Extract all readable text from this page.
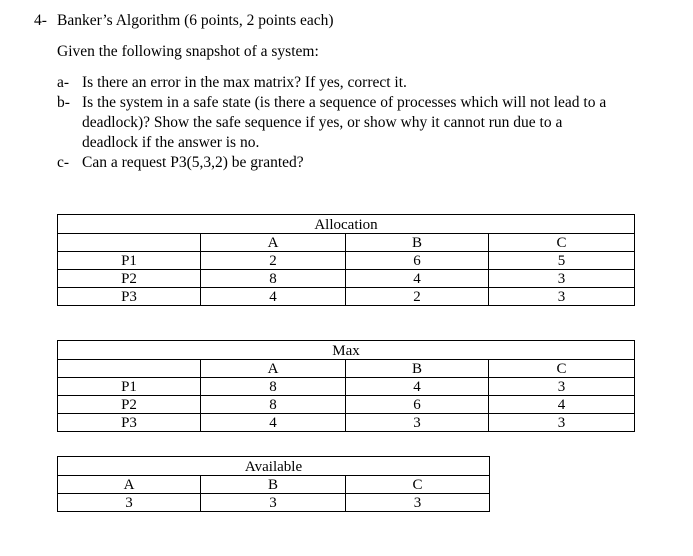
4- Banker’s Algorithm (6 points, 2 points each)
Given the following snapshot of a system:
a- Is there an error in the max matrix? If yes, correct it.
b- Is the system in a safe state (is there a sequence of processes which will not lead to a
deadlock)? Show the safe sequence if yes, or show why it cannot run due to a
deadlock if the answer is no.
c- Can a request P3(5,3,2) be granted?
Allocation			
	A	B	C
P1	2	6	5
P2	8	4	3
P3	4	2	3
Max			
	A	B	C
P1	8	4	3
P2	8	6	4
P3	4	3	3
Available		
A	B	C
3	3	3
